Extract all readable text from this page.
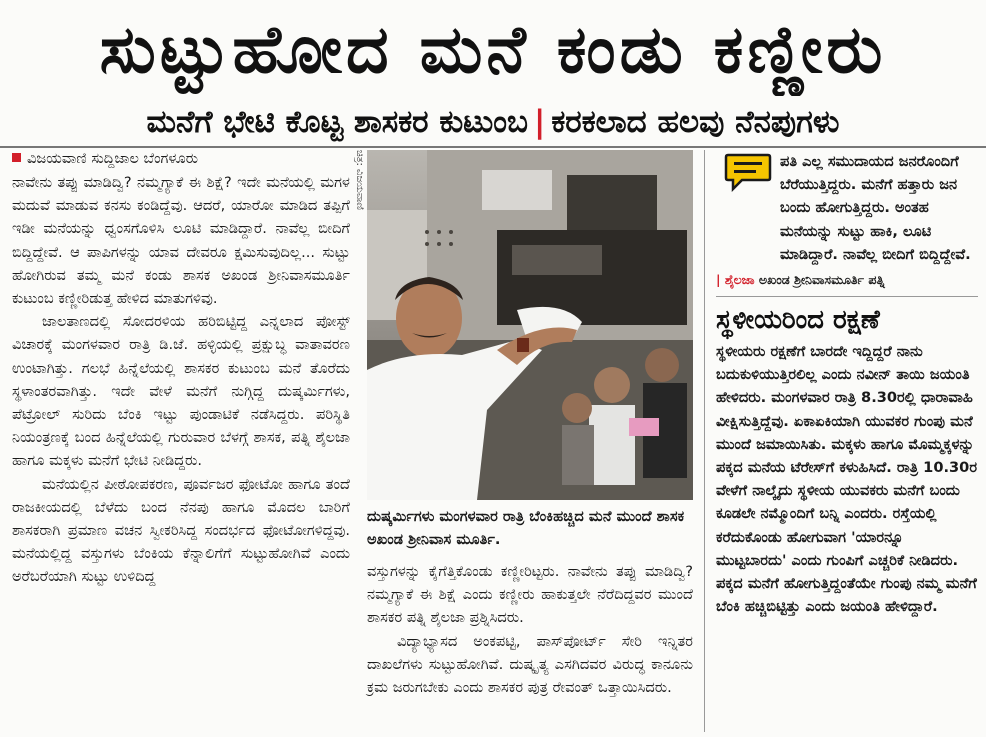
ಸುಟ್ಟುಹೋದ ಮನೆ ಕಂಡು ಕಣ್ಣೀರು
ಮನೆಗೆ ಭೇಟಿ ಕೊಟ್ಟ ಶಾಸಕರ ಕುಟುಂಬ | ಕರಕಲಾದ ಹಲವು ನೆನಪುಗಳು
ವಿಜಯವಾಣಿ ಸುದ್ದಿಜಾಲ ಬೆಂಗಳೂರು

ನಾವೇನು ತಪ್ಪು ಮಾಡಿದ್ವಿ? ನಮ್ಮಗ್ಯಾಕೆ ಈ ಶಿಕ್ಷೆ? ಇದೇ ಮನೆಯಲ್ಲಿ ಮಗಳ ಮದುವೆ ಮಾಡುವ ಕನಸು ಕಂಡಿದ್ದೆವು. ಆದರೆ, ಯಾರೋ ಮಾಡಿದ ತಪ್ಪಿಗೆ ಇಡೀ ಮನೆಯನ್ನು ಧ್ವಂಸಗೊಳಿಸಿ ಲೂಟಿ ಮಾಡಿದ್ದಾರೆ. ನಾವೆಲ್ಲ ಬೀದಿಗೆ ಬಿದ್ದಿದ್ದೇವೆ. ಆ ಪಾಪಿಗಳನ್ನು ಯಾವ ದೇವರೂ ಕ್ಷಮಿಸುವುದಿಲ್ಲ... ಸುಟ್ಟು ಹೋಗಿರುವ ತಮ್ಮ ಮನೆ ಕಂಡು ಶಾಸಕ ಅಖಂಡ ಶ್ರೀನಿವಾಸಮೂರ್ತಿ ಕುಟುಂಬ ಕಣ್ಣೀರಿಡುತ್ತ ಹೇಳಿದ ಮಾತುಗಳಿವು.

ಜಾಲತಾಣದಲ್ಲಿ ಸೋದರಳಿಯ ಹರಿಬಿಟ್ಟಿದ್ದ ಎನ್ನಲಾದ ಪೋಸ್ಟ್ ವಿಚಾರಕ್ಕೆ ಮಂಗಳವಾರ ರಾತ್ರಿ ಡಿ.ಜೆ. ಹಳ್ಳಿಯಲ್ಲಿ ಪ್ರಕ್ಷುಬ್ಧ ವಾತಾವರಣ ಉಂಟಾಗಿತ್ತು. ಗಲಭೆ ಹಿನ್ನೆಲೆಯಲ್ಲಿ ಶಾಸಕರ ಕುಟುಂಬ ಮನೆ ತೊರೆದು ಸ್ಥಳಾಂತರವಾಗಿತ್ತು. ಇದೇ ವೇಳೆ ಮನೆಗೆ ನುಗ್ಗಿದ್ದ ದುಷ್ಕರ್ಮಿಗಳು, ಪೆಟ್ರೋಲ್ ಸುರಿದು ಬೆಂಕಿ ಇಟ್ಟು ಪುಂಡಾಟಿಕೆ ನಡೆಸಿದ್ದರು. ಪರಿಸ್ಥಿತಿ ನಿಯಂತ್ರಣಕ್ಕೆ ಬಂದ ಹಿನ್ನೆಲೆಯಲ್ಲಿ ಗುರುವಾರ ಬೆಳಗ್ಗೆ ಶಾಸಕ, ಪತ್ನಿ ಶೈಲಜಾ ಹಾಗೂ ಮಕ್ಕಳು ಮನೆಗೆ ಭೇಟಿ ನೀಡಿದ್ದರು.

ಮನೆಯಲ್ಲಿನ ಪೀಠೋಪಕರಣ, ಪೂರ್ವಜರ ಫೋಟೋ ಹಾಗೂ ತಂದೆ ರಾಜಕೀಯದಲ್ಲಿ ಬೆಳೆದು ಬಂದ ನೆನಪು ಹಾಗೂ ಮೊದಲ ಬಾರಿಗೆ ಶಾಸಕರಾಗಿ ಪ್ರಮಾಣ ವಚನ ಸ್ವೀಕರಿಸಿದ್ದ ಸಂದರ್ಭದ ಫೋಟೋಗಳಿದ್ದವು. ಮನೆಯಲ್ಲಿದ್ದ ವಸ್ತುಗಳು ಬೆಂಕಿಯ ಕೆನ್ನಾಲಿಗೆಗೆ ಸುಟ್ಟುಹೋಗಿವೆ ಎಂದು ಅರೆಬರೆಯಾಗಿ ಸುಟ್ಟು ಉಳಿದಿದ್ದ

ಚಿತ್ರ: ವಿಜಯವಾಣಿ
ದುಷ್ಕರ್ಮಿಗಳು ಮಂಗಳವಾರ ರಾತ್ರಿ ಬೆಂಕಿಹಚ್ಚಿದ ಮನೆ ಮುಂದೆ ಶಾಸಕ ಅಖಂಡ ಶ್ರೀನಿವಾಸ ಮೂರ್ತಿ.

ವಸ್ತುಗಳನ್ನು ಕೈಗೆತ್ತಿಕೊಂಡು ಕಣ್ಣೀರಿಟ್ಟರು. ನಾವೇನು ತಪ್ಪು ಮಾಡಿದ್ವಿ? ನಮ್ಮಗ್ಯಾಕೆ ಈ ಶಿಕ್ಷೆ ಎಂದು ಕಣ್ಣೀರು ಹಾಕುತ್ತಲೇ ನೆರೆದಿದ್ದವರ ಮುಂದೆ ಶಾಸಕರ ಪತ್ನಿ ಶೈಲಜಾ ಪ್ರಶ್ನಿಸಿದರು.

ವಿದ್ಯಾಭ್ಯಾಸದ ಅಂಕಪಟ್ಟಿ, ಪಾಸ್‌ಪೋರ್ಟ್ ಸೇರಿ ಇನ್ನಿತರ ದಾಖಲೆಗಳು ಸುಟ್ಟುಹೋಗಿವೆ. ದುಷ್ಕೃತ್ಯ ಎಸಗಿದವರ ವಿರುದ್ಧ ಕಾನೂನು ಕ್ರಮ ಜರುಗಬೇಕು ಎಂದು ಶಾಸಕರ ಪುತ್ರ ರೇವಂತ್ ಒತ್ತಾಯಿಸಿದರು.

ಪತಿ ಎಲ್ಲ ಸಮುದಾಯದ ಜನರೊಂದಿಗೆ ಬೆರೆಯುತ್ತಿದ್ದರು. ಮನೆಗೆ ಹತ್ತಾರು ಜನ ಬಂದು ಹೋಗುತ್ತಿದ್ದರು. ಅಂತಹ ಮನೆಯನ್ನು ಸುಟ್ಟು ಹಾಕಿ, ಲೂಟಿ ಮಾಡಿದ್ದಾರೆ. ನಾವೆಲ್ಲ ಬೀದಿಗೆ ಬಿದ್ದಿದ್ದೇವೆ.
| ಶೈಲಜಾ ಅಖಂಡ ಶ್ರೀನಿವಾಸಮೂರ್ತಿ ಪತ್ನಿ
ಸ್ಥಳೀಯರಿಂದ ರಕ್ಷಣೆ
ಸ್ಥಳೀಯರು ರಕ್ಷಣೆಗೆ ಬಾರದೇ ಇದ್ದಿದ್ದರೆ ನಾನು ಬದುಕುಳಿಯುತ್ತಿರಲಿಲ್ಲ ಎಂದು ನವೀನ್ ತಾಯಿ ಜಯಂತಿ ಹೇಳಿದರು. ಮಂಗಳವಾರ ರಾತ್ರಿ 8.30ರಲ್ಲಿ ಧಾರಾವಾಹಿ ವೀಕ್ಷಿಸುತ್ತಿದ್ದೆವು. ಏಕಾಏಕಿಯಾಗಿ ಯುವಕರ ಗುಂಪು ಮನೆ ಮುಂದೆ ಜಮಾಯಿಸಿತು. ಮಕ್ಕಳು ಹಾಗೂ ಮೊಮ್ಮಕ್ಕಳನ್ನು ಪಕ್ಕದ ಮನೆಯ ಟೆರೇಸ್‌ಗೆ ಕಳುಹಿಸಿದೆ. ರಾತ್ರಿ 10.30ರ ವೇಳೆಗೆ ನಾಲ್ಕೈದು ಸ್ಥಳೀಯ ಯುವಕರು ಮನೆಗೆ ಬಂದು ಕೂಡಲೇ ನಮ್ಮೊಂದಿಗೆ ಬನ್ನಿ ಎಂದರು. ರಸ್ತೆಯಲ್ಲಿ ಕರೆದುಕೊಂಡು ಹೋಗುವಾಗ 'ಯಾರನ್ನೂ ಮುಟ್ಟಬಾರದು' ಎಂದು ಗುಂಪಿಗೆ ಎಚ್ಚರಿಕೆ ನೀಡಿದರು. ಪಕ್ಕದ ಮನೆಗೆ ಹೋಗುತ್ತಿದ್ದಂತೆಯೇ ಗುಂಪು ನಮ್ಮ ಮನೆಗೆ ಬೆಂಕಿ ಹಚ್ಚಿಬಿಟ್ಟಿತ್ತು ಎಂದು ಜಯಂತಿ ಹೇಳಿದ್ದಾರೆ.
